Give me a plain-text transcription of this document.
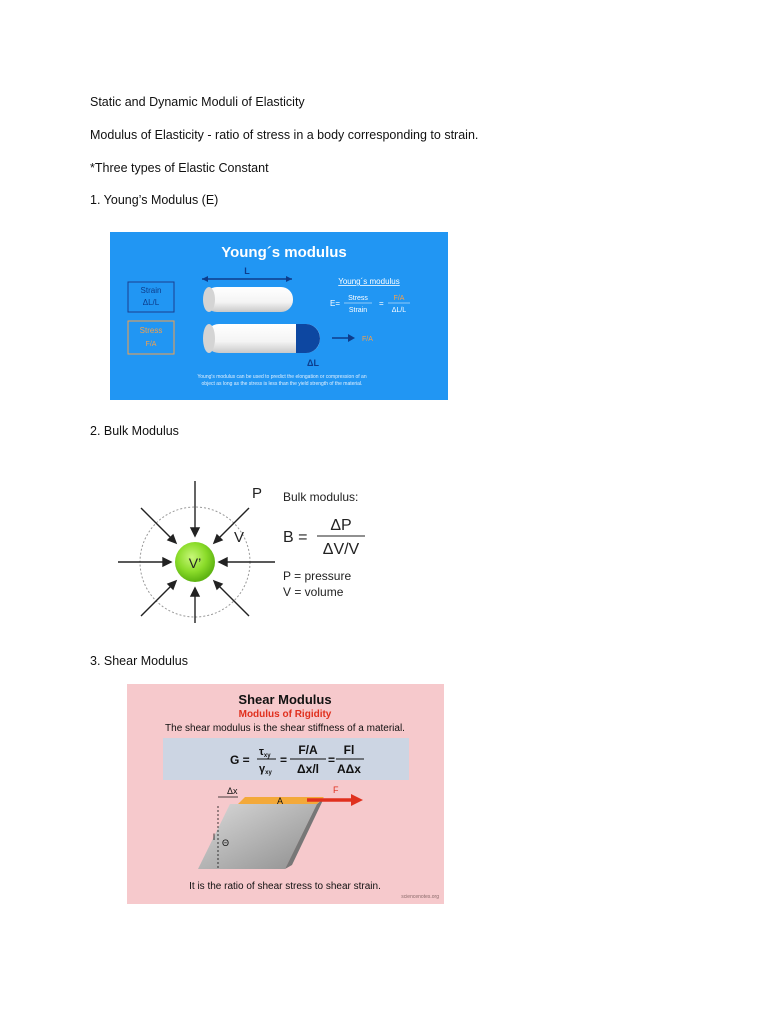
Static and Dynamic Moduli of Elasticity
Modulus of Elasticity - ratio of stress in a body corresponding to strain.
*Three types of Elastic Constant
1. Young’s Modulus (E)
2. Bulk Modulus
3. Shear Modulus
Young´s modulus
L
ΔL
F/A
Strain
ΔL/L
Stress
F/A
Young´s modulus
E=
Stress
Strain
=
F/A
ΔL/L
Young's modulus can be used to predict the elongation or compression of an
object as long as the stress is less than the yield strength of the material.
V’
P
V
Bulk modulus:
B =
ΔP
ΔV/V
P = pressure
V = volume
Shear Modulus
Modulus of Rigidity
The shear modulus is the shear stiffness of a material.
G =
τxy
γxy
=
F/A
Δx/l
=
Fl
AΔx
Δx
A
F
l
Θ
It is the ratio of shear stress to shear strain.
sciencenotes.org
